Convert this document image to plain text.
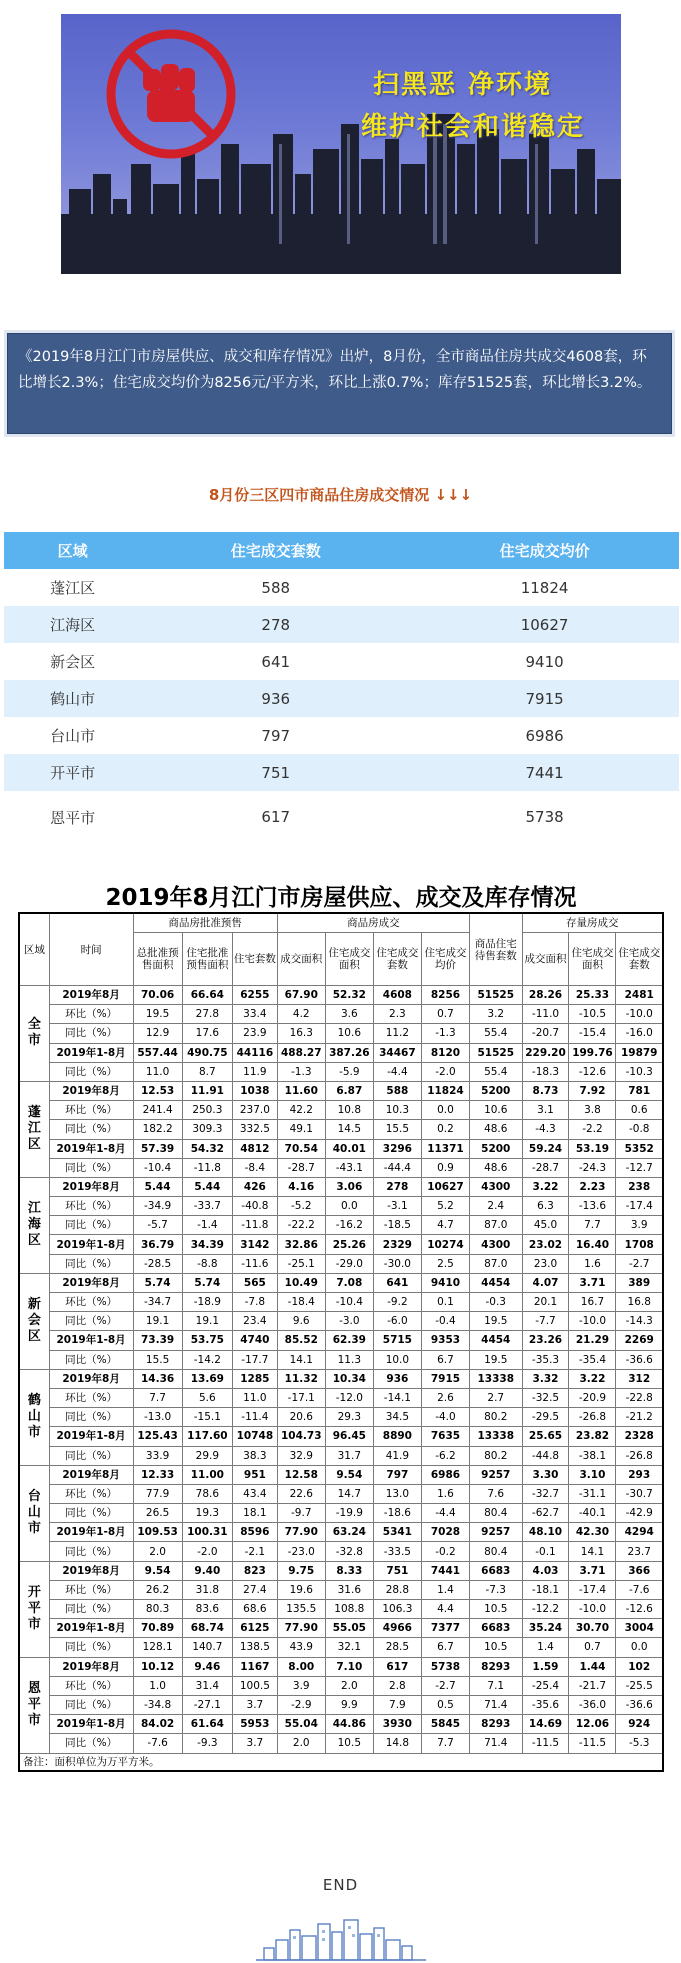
扫黑恶 净环境
维护社会和谐稳定
《2019年8月江门市房屋供应、成交和库存情况》出炉，8月份，全市商品住房共成交4608套，环比增长2.3%；住宅成交均价为8256元/平方米，环比上涨0.7%；库存51525套，环比增长3.2%。
8月份三区四市商品住房成交情况 ↓↓↓
区域	住宅成交套数	住宅成交均价
蓬江区	588	11824
江海区	278	10627
新会区	641	9410
鹤山市	936	7915
台山市	797	6986
开平市	751	7441
恩平市	617	5738
2019年8月江门市房屋供应、成交及库存情况
区域	时间	商品房批准预售			商品房成交				商品住宅待售套数	存量房成交		
		总批准预售面积	住宅批准预售面积	住宅套数	成交面积	住宅成交面积	住宅成交套数	住宅成交均价		成交面积	住宅成交面积	住宅成交套数
全市	2019年8月	70.06	66.64	6255	67.90	52.32	4608	8256	51525	28.26	25.33	2481
	环比（%）	19.5	27.8	33.4	4.2	3.6	2.3	0.7	3.2	-11.0	-10.5	-10.0
	同比（%）	12.9	17.6	23.9	16.3	10.6	11.2	-1.3	55.4	-20.7	-15.4	-16.0
	2019年1-8月	557.44	490.75	44116	488.27	387.26	34467	8120	51525	229.20	199.76	19879
	同比（%）	11.0	8.7	11.9	-1.3	-5.9	-4.4	-2.0	55.4	-18.3	-12.6	-10.3
蓬江区	2019年8月	12.53	11.91	1038	11.60	6.87	588	11824	5200	8.73	7.92	781
	环比（%）	241.4	250.3	237.0	42.2	10.8	10.3	0.0	10.6	3.1	3.8	0.6
	同比（%）	182.2	309.3	332.5	49.1	14.5	15.5	0.2	48.6	-4.3	-2.2	-0.8
	2019年1-8月	57.39	54.32	4812	70.54	40.01	3296	11371	5200	59.24	53.19	5352
	同比（%）	-10.4	-11.8	-8.4	-28.7	-43.1	-44.4	0.9	48.6	-28.7	-24.3	-12.7
江海区	2019年8月	5.44	5.44	426	4.16	3.06	278	10627	4300	3.22	2.23	238
	环比（%）	-34.9	-33.7	-40.8	-5.2	0.0	-3.1	5.2	2.4	6.3	-13.6	-17.4
	同比（%）	-5.7	-1.4	-11.8	-22.2	-16.2	-18.5	4.7	87.0	45.0	7.7	3.9
	2019年1-8月	36.79	34.39	3142	32.86	25.26	2329	10274	4300	23.02	16.40	1708
	同比（%）	-28.5	-8.8	-11.6	-25.1	-29.0	-30.0	2.5	87.0	23.0	1.6	-2.7
新会区	2019年8月	5.74	5.74	565	10.49	7.08	641	9410	4454	4.07	3.71	389
	环比（%）	-34.7	-18.9	-7.8	-18.4	-10.4	-9.2	0.1	-0.3	20.1	16.7	16.8
	同比（%）	19.1	19.1	23.4	9.6	-3.0	-6.0	-0.4	19.5	-7.7	-10.0	-14.3
	2019年1-8月	73.39	53.75	4740	85.52	62.39	5715	9353	4454	23.26	21.29	2269
	同比（%）	15.5	-14.2	-17.7	14.1	11.3	10.0	6.7	19.5	-35.3	-35.4	-36.6
鹤山市	2019年8月	14.36	13.69	1285	11.32	10.34	936	7915	13338	3.32	3.22	312
	环比（%）	7.7	5.6	11.0	-17.1	-12.0	-14.1	2.6	2.7	-32.5	-20.9	-22.8
	同比（%）	-13.0	-15.1	-11.4	20.6	29.3	34.5	-4.0	80.2	-29.5	-26.8	-21.2
	2019年1-8月	125.43	117.60	10748	104.73	96.45	8890	7635	13338	25.65	23.82	2328
	同比（%）	33.9	29.9	38.3	32.9	31.7	41.9	-6.2	80.2	-44.8	-38.1	-26.8
台山市	2019年8月	12.33	11.00	951	12.58	9.54	797	6986	9257	3.30	3.10	293
	环比（%）	77.9	78.6	43.4	22.6	14.7	13.0	1.6	7.6	-32.7	-31.1	-30.7
	同比（%）	26.5	19.3	18.1	-9.7	-19.9	-18.6	-4.4	80.4	-62.7	-40.1	-42.9
	2019年1-8月	109.53	100.31	8596	77.90	63.24	5341	7028	9257	48.10	42.30	4294
	同比（%）	2.0	-2.0	-2.1	-23.0	-32.8	-33.5	-0.2	80.4	-0.1	14.1	23.7
开平市	2019年8月	9.54	9.40	823	9.75	8.33	751	7441	6683	4.03	3.71	366
	环比（%）	26.2	31.8	27.4	19.6	31.6	28.8	1.4	-7.3	-18.1	-17.4	-7.6
	同比（%）	80.3	83.6	68.6	135.5	108.8	106.3	4.4	10.5	-12.2	-10.0	-12.6
	2019年1-8月	70.89	68.74	6125	77.90	55.05	4966	7377	6683	35.24	30.70	3004
	同比（%）	128.1	140.7	138.5	43.9	32.1	28.5	6.7	10.5	1.4	0.7	0.0
恩平市	2019年8月	10.12	9.46	1167	8.00	7.10	617	5738	8293	1.59	1.44	102
	环比（%）	1.0	31.4	100.5	3.9	2.0	2.8	-2.7	7.1	-25.4	-21.7	-25.5
	同比（%）	-34.8	-27.1	3.7	-2.9	9.9	7.9	0.5	71.4	-35.6	-36.0	-36.6
	2019年1-8月	84.02	61.64	5953	55.04	44.86	3930	5845	8293	14.69	12.06	924
	同比（%）	-7.6	-9.3	3.7	2.0	10.5	14.8	7.7	71.4	-11.5	-11.5	-5.3
备注：面积单位为万平方米。												
END
